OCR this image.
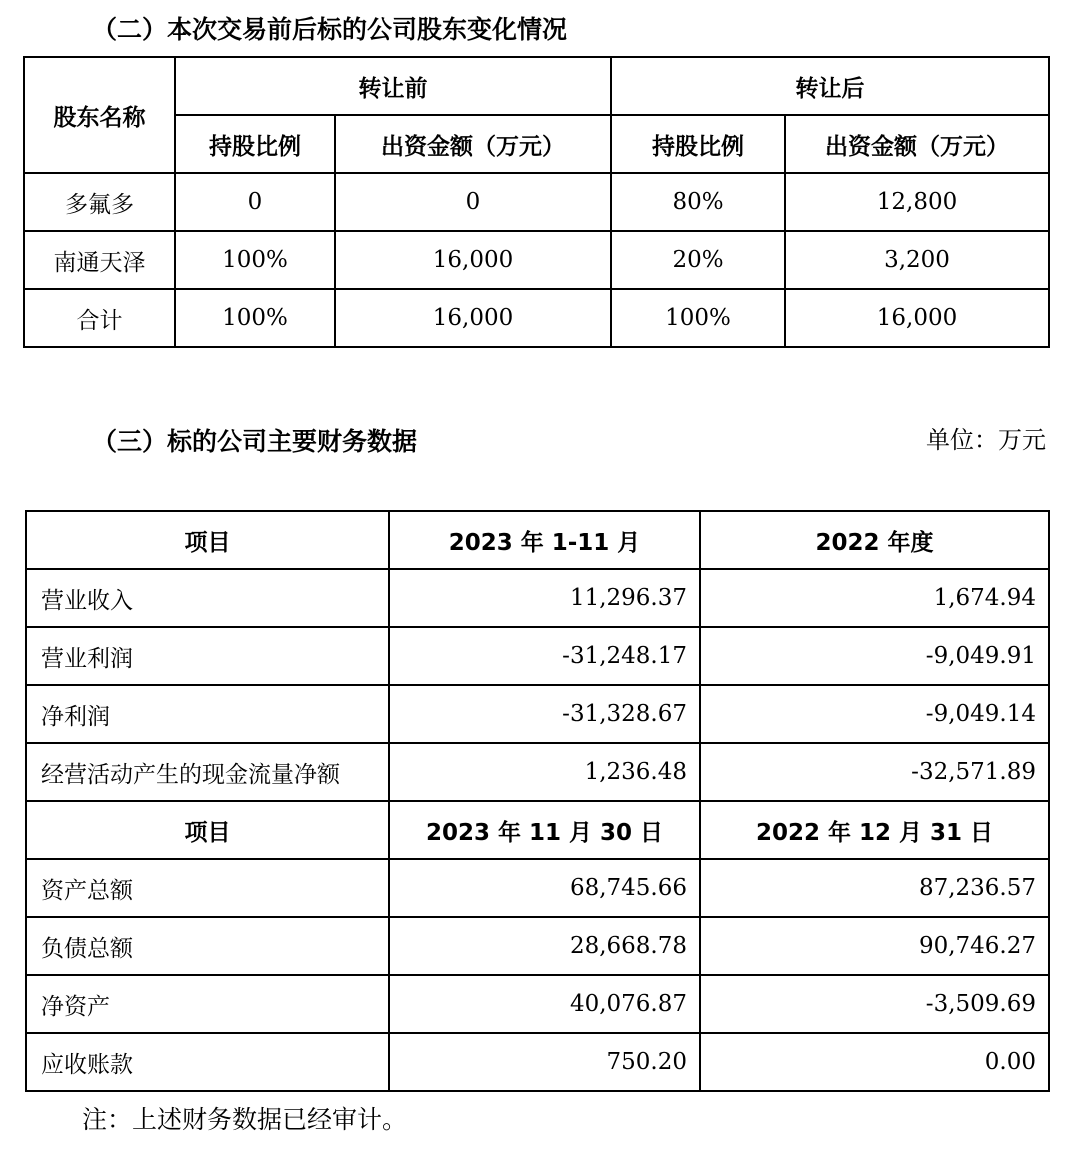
（二）本次交易前后标的公司股东变化情况
股东名称	转让前		转让后	
	持股比例	出资金额（万元）	持股比例	出资金额（万元）
多氟多	0	0	80%	12,800
南通天泽	100%	16,000	20%	3,200
合计	100%	16,000	100%	16,000
（三）标的公司主要财务数据	单位：万元
项目	2023 年 1-11 月	2022 年度
营业收入	11,296.37	1,674.94
营业利润	-31,248.17	-9,049.91
净利润	-31,328.67	-9,049.14
经营活动产生的现金流量净额	1,236.48	-32,571.89
项目	2023 年 11 月 30 日	2022 年 12 月 31 日
资产总额	68,745.66	87,236.57
负债总额	28,668.78	90,746.27
净资产	40,076.87	-3,509.69
应收账款	750.20	0.00
注：上述财务数据已经审计。
